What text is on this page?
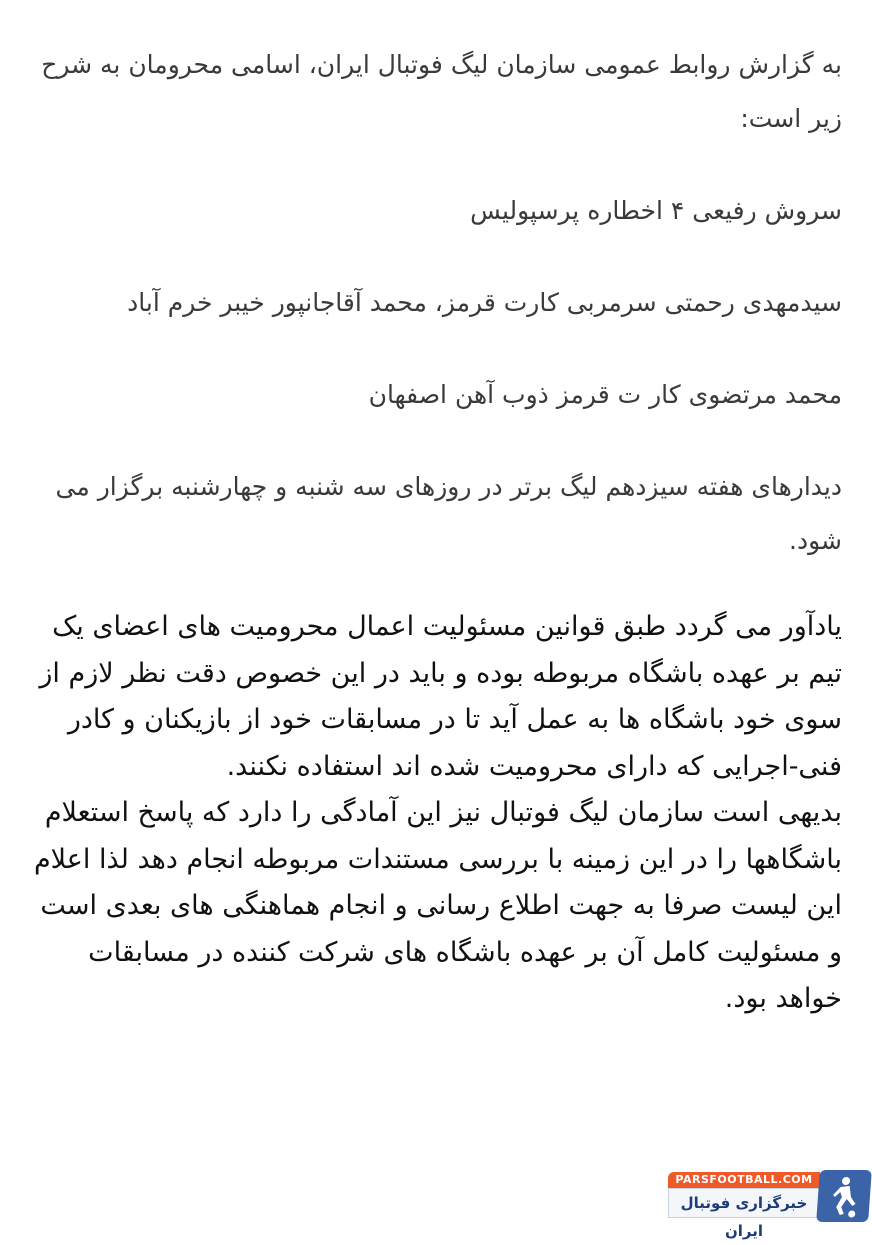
به گزارش روابط عمومی سازمان لیگ فوتبال ایران، اسامی محرومان به شرح زیر است:

سروش رفیعی ۴ اخطاره پرسپولیس

سیدمهدی رحمتی سرمربی کارت قرمز، محمد آقاجانپور خیبر خرم آباد

محمد مرتضوی کار ت قرمز ذوب آهن اصفهان

دیدارهای هفته سیزدهم لیگ برتر در روزهای سه شنبه و چهارشنبه برگزار می شود.

یادآور می گردد طبق قوانین مسئولیت اعمال محرومیت های اعضای یک تیم بر عهده باشگاه مربوطه بوده و باید در این خصوص دقت نظر لازم از سوی خود باشگاه ها به عمل آید تا در مسابقات خود از بازیکنان و کادر فنی-اجرایی که دارای محرومیت شده اند استفاده نکنند.

بدیهی است سازمان لیگ فوتبال نیز این آمادگی را دارد که پاسخ استعلام باشگاهها را در این زمینه با بررسی مستندات مربوطه انجام دهد لذا اعلام این لیست صرفا به جهت اطلاع رسانی و انجام هماهنگی های بعدی است و مسئولیت کامل آن بر عهده باشگاه های شرکت کننده در مسابقات خواهد بود.

PARSFOOTBALL.COM
خبرگزاری فوتبال ایران
